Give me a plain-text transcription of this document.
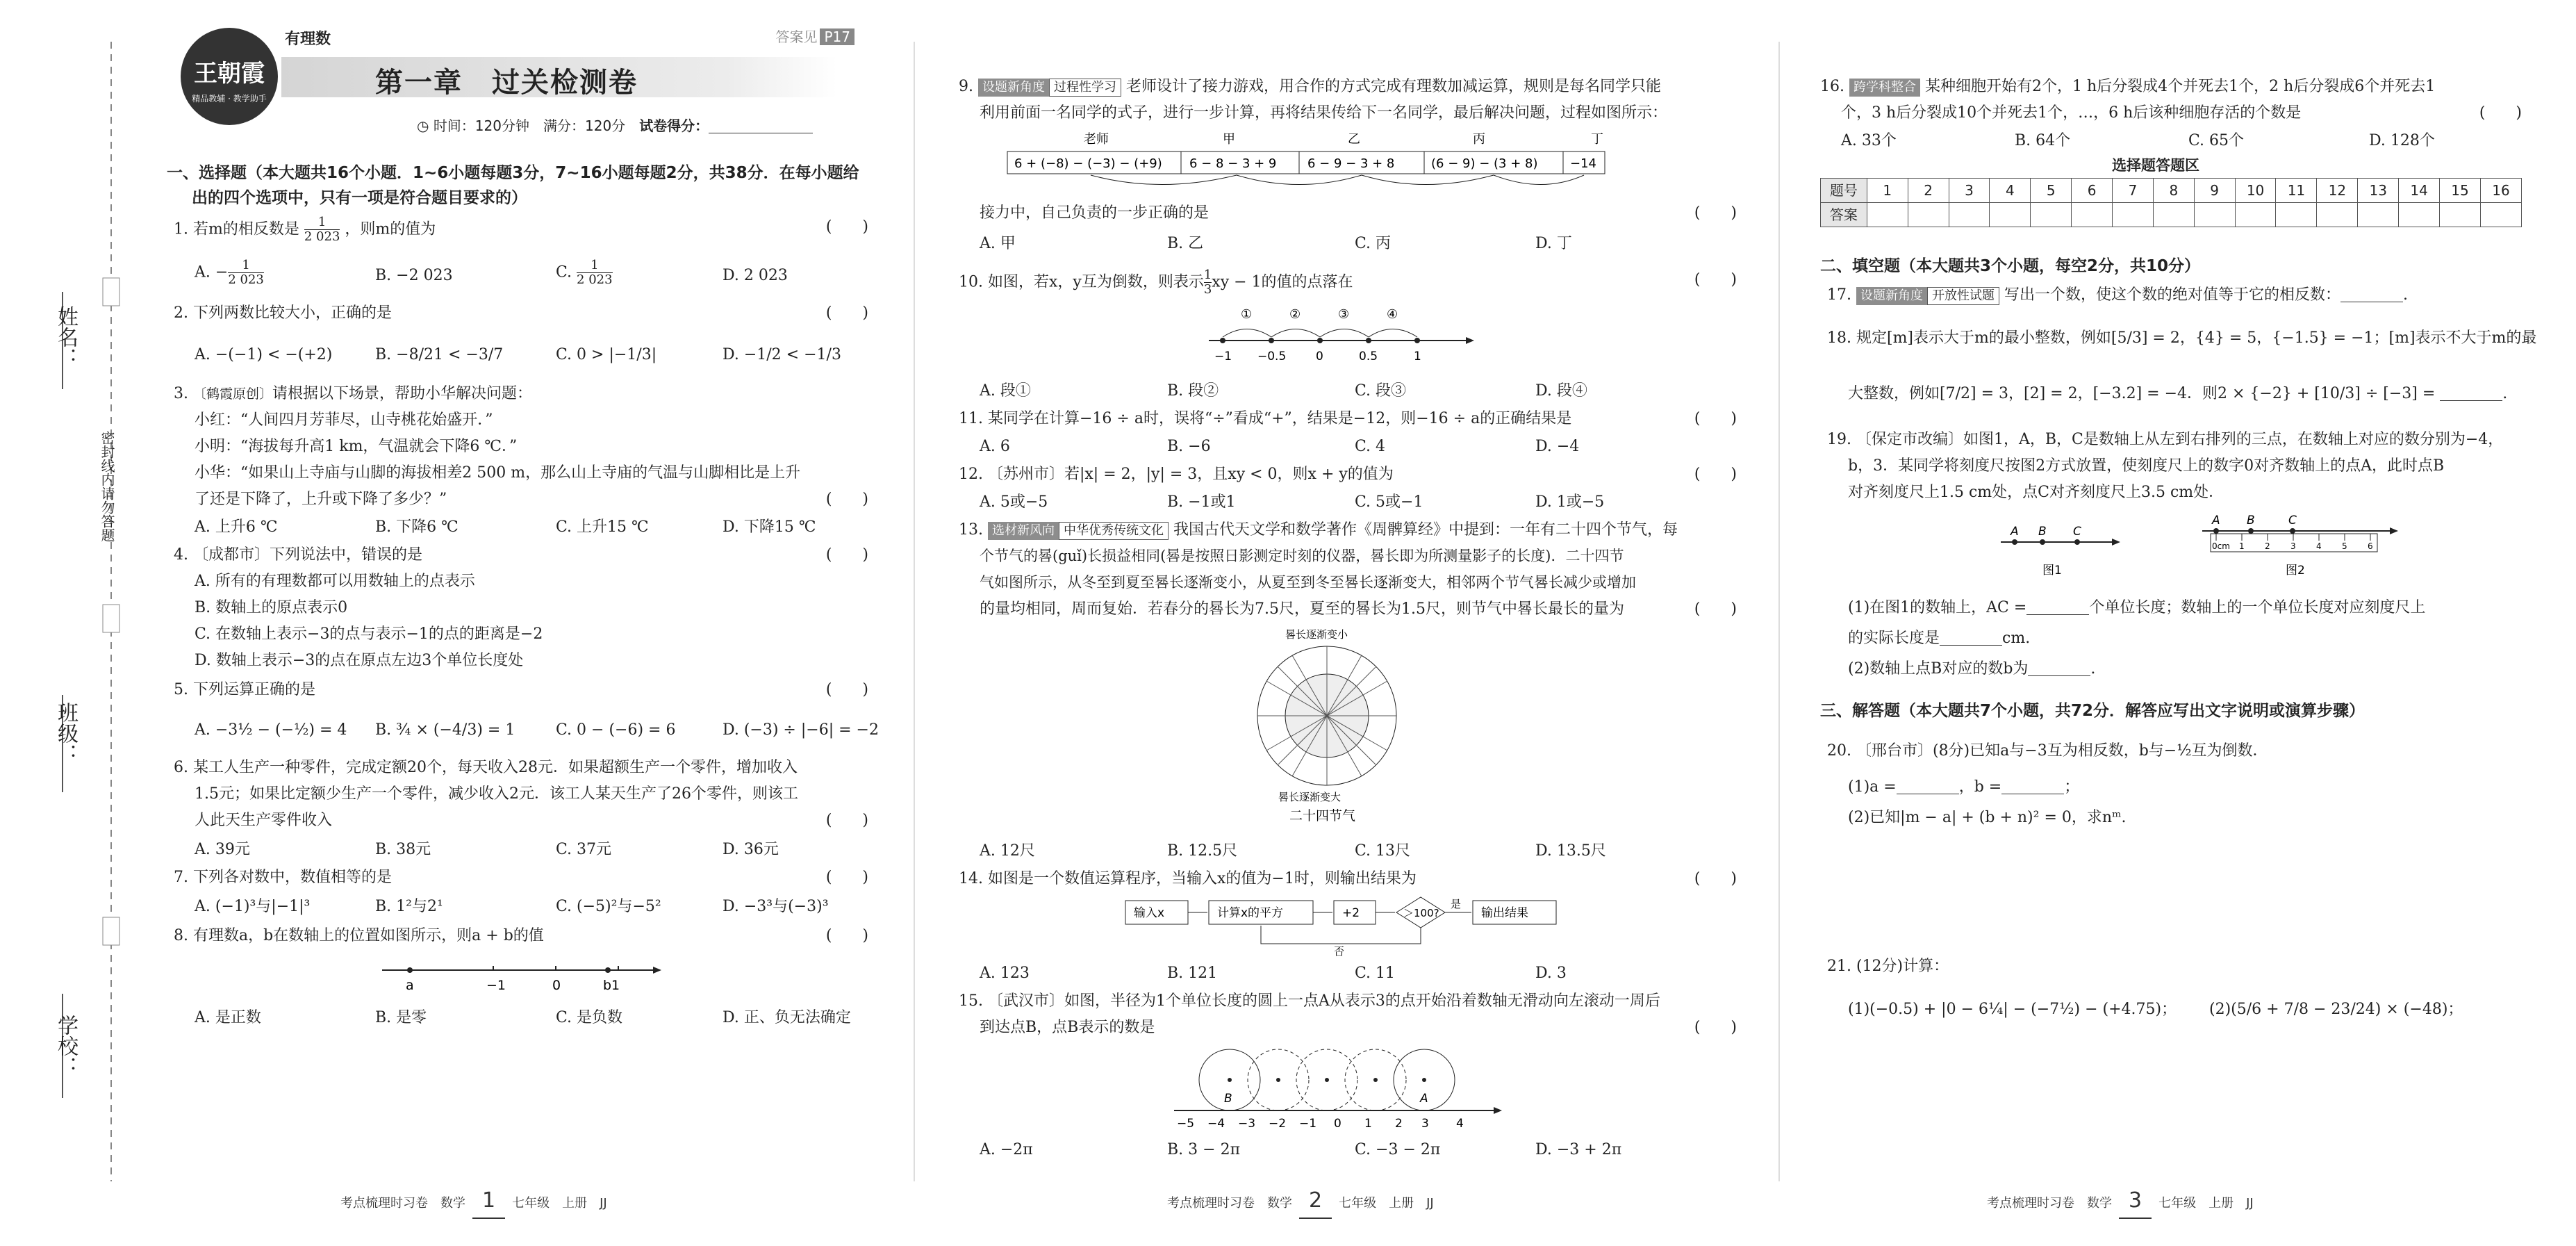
姓名：
密封线内请勿答题
班级：
学校：
王朝霞
精品教辅 · 教学助手
有理数	答案见 P17
第一章　过关检测卷
◷ 时间：120分钟　 满分：120分　 试卷得分：
一、选择题（本大题共16个小题．1~6小题每题3分，7~16小题每题2分，共38分．在每小题给
出的四个选项中，只有一项是符合题目要求的）
1. 若m的相反数是 $\frac{1}{2 023}$ ，则m的值为	(　　)
A. − $\frac{1}{2 023}$	B. −2 023	C. $\frac{1}{2 023}$	D. 2 023
2. 下列两数比较大小，正确的是	(　　)
A. −(−1) < −(+2)	B. −8/21 < −3/7	C. 0 > |−1/3|	D. −1/2 < −1/3
3. 〔鹤霞原创〕请根据以下场景，帮助小华解决问题：
小红：“人间四月芳菲尽，山寺桃花始盛开．”
小明：“海拔每升高1 km，气温就会下降6 ℃．”
小华：“如果山上寺庙与山脚的海拔相差2 500 m，那么山上寺庙的气温与山脚相比是上升
了还是下降了，上升或下降了多少？”	(　　)
A. 上升6 ℃	B. 下降6 ℃	C. 上升15 ℃	D. 下降15 ℃
4. 〔成都市〕下列说法中，错误的是	(　　)
A. 所有的有理数都可以用数轴上的点表示
B. 数轴上的原点表示0
C. 在数轴上表示−3的点与表示−1的点的距离是−2
D. 数轴上表示−3的点在原点左边3个单位长度处
5. 下列运算正确的是	(　　)
A. −3½ − (−½) = 4 B. ¾ × (−4/3) = 1	C. 0 − (−6) = 6	D. (−3) ÷ |−6| = −2
6. 某工人生产一种零件，完成定额20个，每天收入28元．如果超额生产一个零件，增加收入
1.5元；如果比定额少生产一个零件，减少收入2元．该工人某天生产了26个零件，则该工
人此天生产零件收入	(　　)
A. 39元	B. 38元	C. 37元	D. 36元
7. 下列各对数中，数值相等的是	(　　)
A. (−1)³与|−1|³	B. 1²与2¹	C. (−5)²与−5²	D. −3³与(−3)³
8. 有理数a，b在数轴上的位置如图所示，则a + b的值	(　　)
a	−1	0	b1
A. 是正数	B. 是零	C. 是负数	D. 正、负无法确定
考点梳理时习卷　数学 1 七年级　上册　JJ
9. 设题新角度 过程性学习 老师设计了接力游戏，用合作的方式完成有理数加减运算，规则是每名同学只能
利用前面一名同学的式子，进行一步计算，再将结果传给下一名同学，最后解决问题，过程如图所示：
老师	甲	乙	丙	丁
6 + (−8) − (−3) − (+9) 6 − 8 − 3 + 9 6 − 9 − 3 + 8	(6 − 9) − (3 + 8)	−14
接力中，自己负责的一步正确的是	(　　)
A. 甲	B. 乙	C. 丙	D. 丁
10. 如图，若x，y互为倒数，则表示 $\frac{1}{3}$ xy − 1的值的点落在	(　　)
①	②	③	④
−1 −0.5	0	0.5	1
A. 段①	B. 段②	C. 段③	D. 段④
11. 某同学在计算−16 ÷ a时，误将“÷”看成“+”，结果是−12，则−16 ÷ a的正确结果是	(　　)
A. 6	B. −6	C. 4	D. −4
12. 〔苏州市〕若|x| = 2，|y| = 3，且xy < 0，则x + y的值为	(　　)
A. 5或−5	B. −1或1	C. 5或−1	D. 1或−5
13. 选材新风向 中华优秀传统文化 我国古代天文学和数学著作《周髀算经》中提到：一年有二十四个节气，每
个节气的晷(guǐ)长损益相同(晷是按照日影测定时刻的仪器，晷长即为所测量影子的长度)．二十四节
气如图所示，从冬至到夏至晷长逐渐变小，从夏至到冬至晷长逐渐变大，相邻两个节气晷长减少或增加
的量均相同，周而复始．若春分的晷长为7.5尺，夏至的晷长为1.5尺，则节气中晷长最长的量为	(　　)
晷长逐渐变小
晷长逐渐变大
二十四节气
A. 12尺	B. 12.5尺	C. 13尺	D. 13.5尺
14. 如图是一个数值运算程序，当输入x的值为−1时，则输出结果为	(　　)
输入x	计算x的平方	+2	＞100?
是
输出结果
否
A. 123	B. 121	C. 11	D. 3
15. 〔武汉市〕如图，半径为1个单位长度的圆上一点A从表示3的点开始沿着数轴无滑动向左滚动一周后
到达点B，点B表示的数是	(　　)
B	A
−5 −4 −3 −2 −1 0 1 2 3 4
A. −2π	B. 3 − 2π	C. −3 − 2π	D. −3 + 2π
考点梳理时习卷　数学 2 七年级　上册　JJ
16. 跨学科整合 某种细胞开始有2个，1 h后分裂成4个并死去1个，2 h后分裂成6个并死去1
个，3 h后分裂成10个并死去1个，…，6 h后该种细胞存活的个数是	(　　)
A. 33个	B. 64个	C. 65个	D. 128个
选择题答题区
题号	1	2	3	4	5	6	7	8	9	10	11	12	13	14	15	16
答案																
二、填空题（本大题共3个小题，每空2分，共10分）
17. 设题新角度 开放性试题 写出一个数，使这个数的绝对值等于它的相反数：	.
18. 规定[m]表示大于m的最小整数，例如[5/3] = 2，{4} = 5，{−1.5} = −1；[m]表示不大于m的最
大整数，例如[7/2] = 3，[2] = 2，[−3.2] = −4．则2 × {−2} + [10/3] ÷ [−3] =	.
19. 〔保定市改编〕如图1，A，B，C是数轴上从左到右排列的三点，在数轴上对应的数分别为−4，
b，3．某同学将刻度尺按图2方式放置，使刻度尺上的数字0对齐数轴上的点A，此时点B
对齐刻度尺上1.5 cm处，点C对齐刻度尺上3.5 cm处．
A B C
图1
A B	C
0cm 1 2 3 4 5 6
图2
(1)在图1的数轴上，AC =	个单位长度；数轴上的一个单位长度对应刻度尺上
的实际长度是	cm.
(2)数轴上点B对应的数b为	.
三、解答题（本大题共7个小题，共72分．解答应写出文字说明或演算步骤）
20. 〔邢台市〕(8分)已知a与−3互为相反数，b与−½互为倒数．
(1)a =	，b =	；
(2)已知|m − a| + (b + n)² = 0，求nᵐ.
21. (12分)计算：
(1)(−0.5) + |0 − 6¼| − (−7½) − (+4.75)； (2)(5/6 + 7/8 − 23/24) × (−48)；
考点梳理时习卷　数学 3 七年级　上册　JJ
